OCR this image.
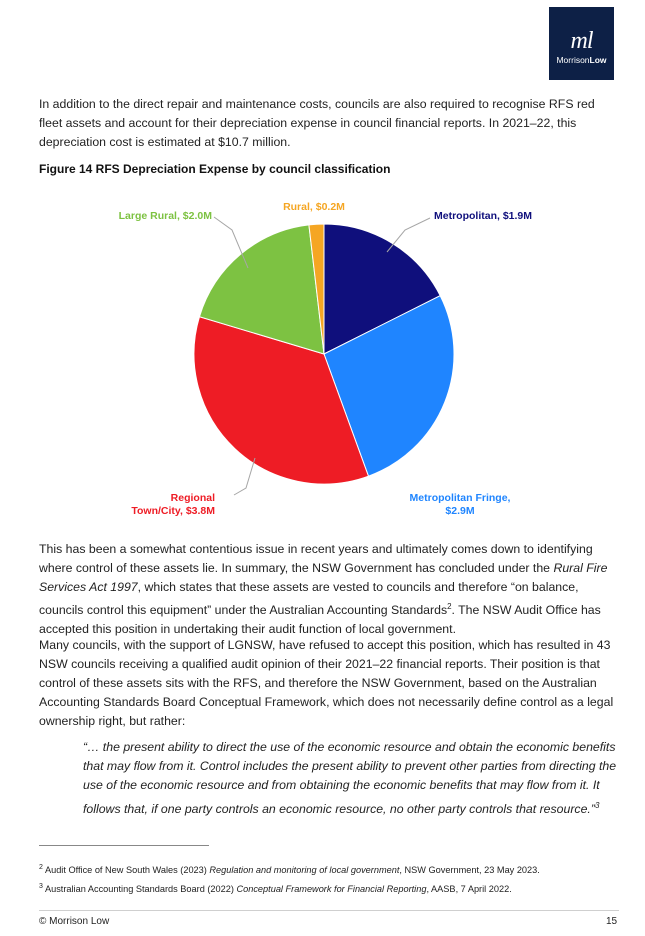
ml
MorrisonLow

In addition to the direct repair and maintenance costs, councils are also required to recognise RFS red fleet assets and account for their depreciation expense in council financial reports. In 2021–22, this depreciation cost is estimated at $10.7 million.

Figure 14 RFS Depreciation Expense by council classification

Metropolitan, $1.9M
Metropolitan Fringe, $2.9M
Regional Town/City, $3.8M
Large Rural, $2.0M
Rural, $0.2M

This has been a somewhat contentious issue in recent years and ultimately comes down to identifying where control of these assets lie. In summary, the NSW Government has concluded under the Rural Fire Services Act 1997, which states that these assets are vested to councils and therefore “on balance, councils control this equipment” under the Australian Accounting Standards$^2$. The NSW Audit Office has accepted this position in undertaking their audit function of local government.

Many councils, with the support of LGNSW, have refused to accept this position, which has resulted in 43 NSW councils receiving a qualified audit opinion of their 2021–22 financial reports. Their position is that control of these assets sits with the RFS, and therefore the NSW Government, based on the Australian Accounting Standards Board Conceptual Framework, which does not necessarily define control as a legal ownership right, but rather:

“… the present ability to direct the use of the economic resource and obtain the economic benefits that may flow from it. Control includes the present ability to prevent other parties from directing the use of the economic resource and from obtaining the economic benefits that may flow from it. It

follows that, if one party controls an economic resource, no other party controls that resource.”$^3$

$^2$ Audit Office of New South Wales (2023) Regulation and monitoring of local government, NSW Government, 23 May 2023.

$^3$ Australian Accounting Standards Board (2022) Conceptual Framework for Financial Reporting, AASB, 7 April 2022.

© Morrison Low	15
